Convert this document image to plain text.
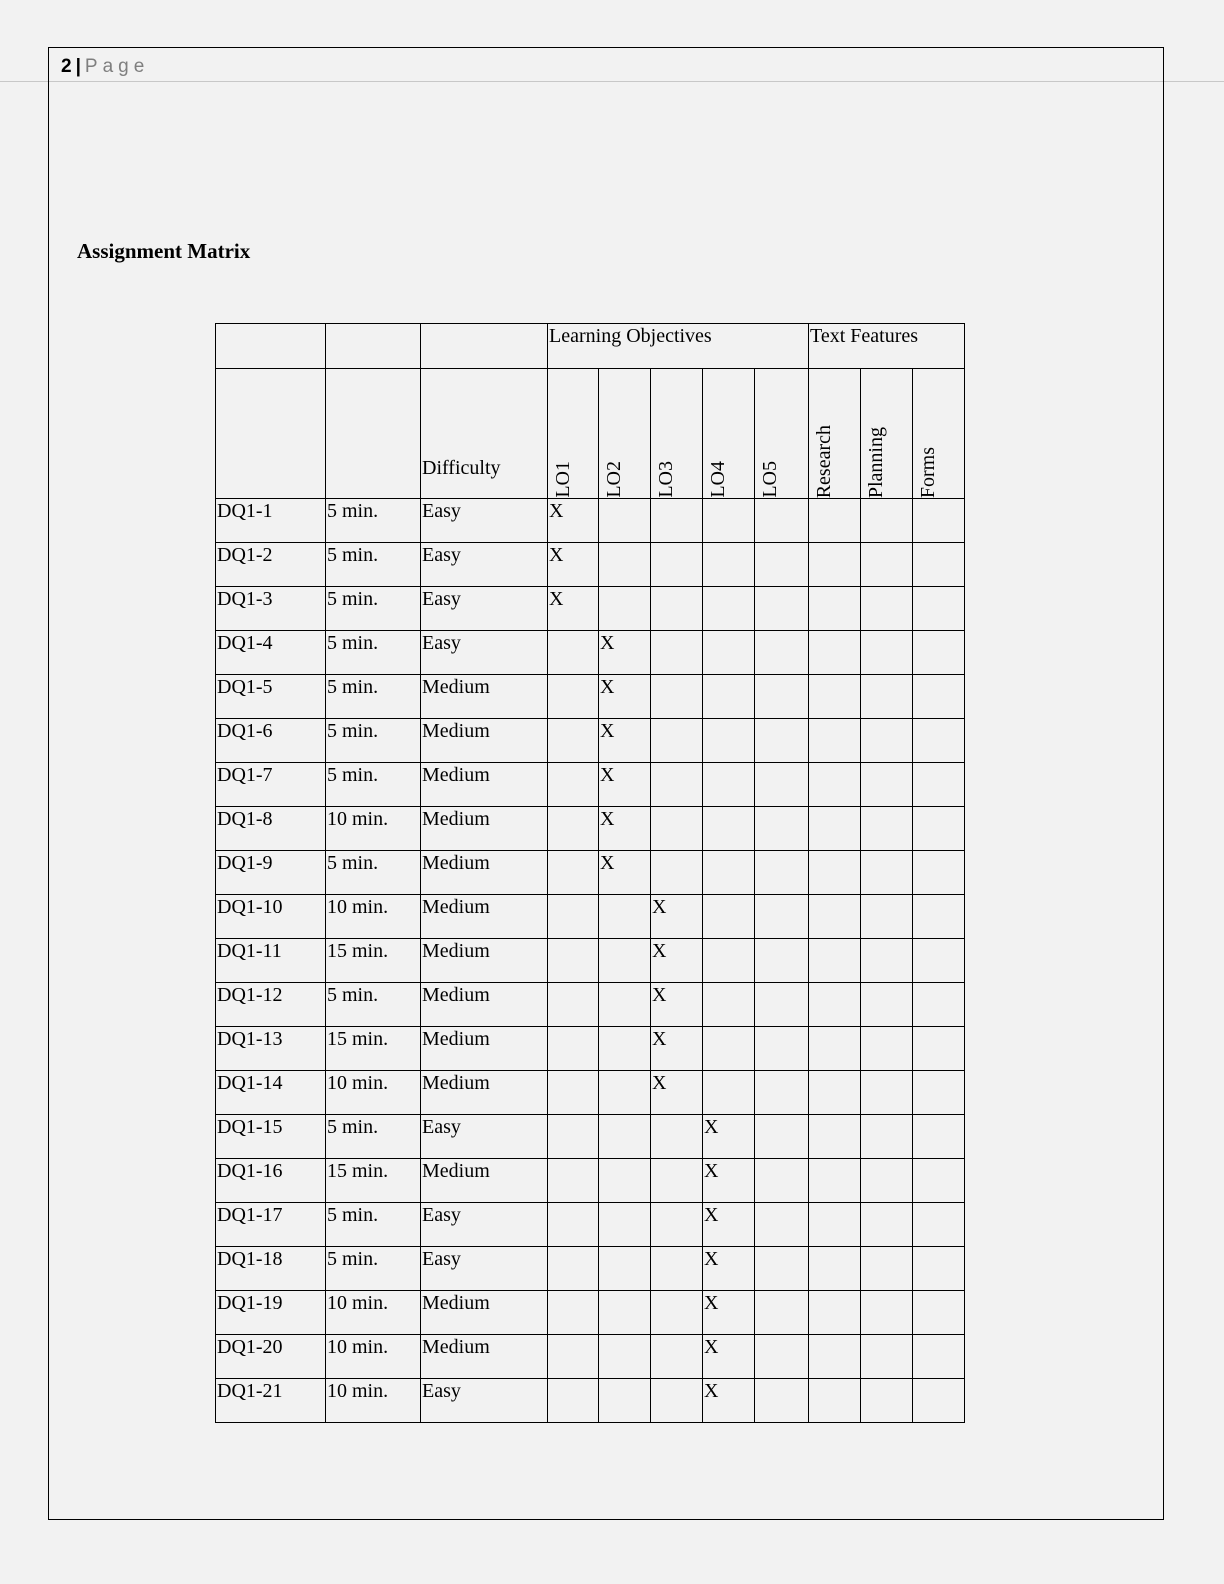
2 | Page
Assignment Matrix
			Learning Objectives					Text Features		
		Difficulty	LO1	LO2	LO3	LO4	LO5	Research	Planning	Forms

DQ1-1	5 min.	Easy	X							
DQ1-2	5 min.	Easy	X							
DQ1-3	5 min.	Easy	X							
DQ1-4	5 min.	Easy		X						
DQ1-5	5 min.	Medium		X						
DQ1-6	5 min.	Medium		X						
DQ1-7	5 min.	Medium		X						
DQ1-8	10 min.	Medium		X						
DQ1-9	5 min.	Medium		X						
DQ1-10	10 min.	Medium			X					
DQ1-11	15 min.	Medium			X					
DQ1-12	5 min.	Medium			X					
DQ1-13	15 min.	Medium			X					
DQ1-14	10 min.	Medium			X					
DQ1-15	5 min.	Easy				X				
DQ1-16	15 min.	Medium				X				
DQ1-17	5 min.	Easy				X				
DQ1-18	5 min.	Easy				X				
DQ1-19	10 min.	Medium				X				
DQ1-20	10 min.	Medium				X				
DQ1-21	10 min.	Easy				X				
